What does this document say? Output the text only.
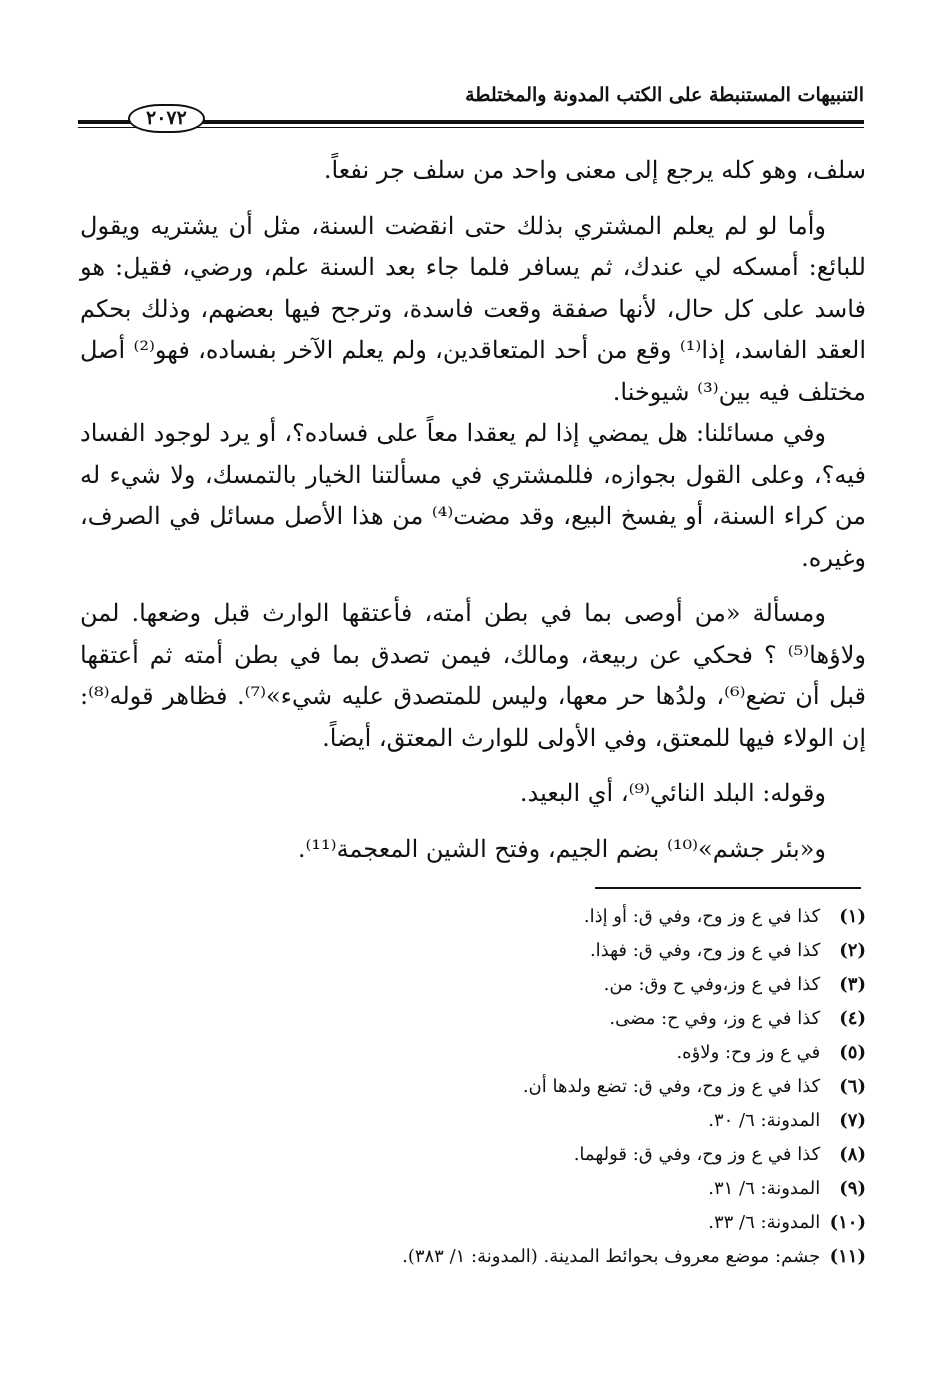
التنبيهات المستنبطة على الكتب المدونة والمختلطة
٢٠٧٢

سلف، وهو كله يرجع إلى معنى واحد من سلف جر نفعاً.

وأما لو لم يعلم المشتري بذلك حتى انقضت السنة، مثل أن يشتريه ويقول للبائع: أمسكه لي عندك، ثم يسافر فلما جاء بعد السنة علم، ورضي، فقيل: هو فاسد على كل حال، لأنها صفقة وقعت فاسدة، وترجح فيها بعضهم، وذلك بحكم العقد الفاسد، إذا⁽¹⁾ وقع من أحد المتعاقدين، ولم يعلم الآخر بفساده، فهو⁽²⁾ أصل مختلف فيه بين⁽³⁾ شيوخنا.

وفي مسائلنا: هل يمضي إذا لم يعقدا معاً على فساده؟، أو يرد لوجود الفساد فيه؟، وعلى القول بجوازه، فللمشتري في مسألتنا الخيار بالتمسك، ولا شيء له من كراء السنة، أو يفسخ البيع، وقد مضت⁽⁴⁾ من هذا الأصل مسائل في الصرف، وغيره.

ومسألة «من أوصى بما في بطن أمته، فأعتقها الوارث قبل وضعها. لمن ولاؤها⁽⁵⁾ ؟ فحكي عن ربيعة، ومالك، فيمن تصدق بما في بطن أمته ثم أعتقها قبل أن تضع⁽⁶⁾، ولدُها حر معها، وليس للمتصدق عليه شيء»⁽⁷⁾. فظاهر قوله⁽⁸⁾: إن الولاء فيها للمعتق، وفي الأولى للوارث المعتق، أيضاً.

وقوله: البلد النائي⁽⁹⁾، أي البعيد.

و«بئر جشم»⁽¹⁰⁾ بضم الجيم، وفتح الشين المعجمة⁽¹¹⁾.

(١) كذا في ع وز وح، وفي ق: أو إذا.
(٢) كذا في ع وز وح، وفي ق: فهذا.
(٣) كذا في ع وز،وفي ح وق: من.
(٤) كذا في ع وز، وفي ح: مضى.
(٥) في ع وز وح: ولاؤه.
(٦) كذا في ع وز وح، وفي ق: تضع ولدها أن.
(٧) المدونة: ٦/ ٣٠.
(٨) كذا في ع وز وح، وفي ق: قولهما.
(٩) المدونة: ٦/ ٣١.
(١٠) المدونة: ٦/ ٣٣.
(١١) جشم: موضع معروف بحوائط المدينة. (المدونة: ١/ ٣٨٣).
